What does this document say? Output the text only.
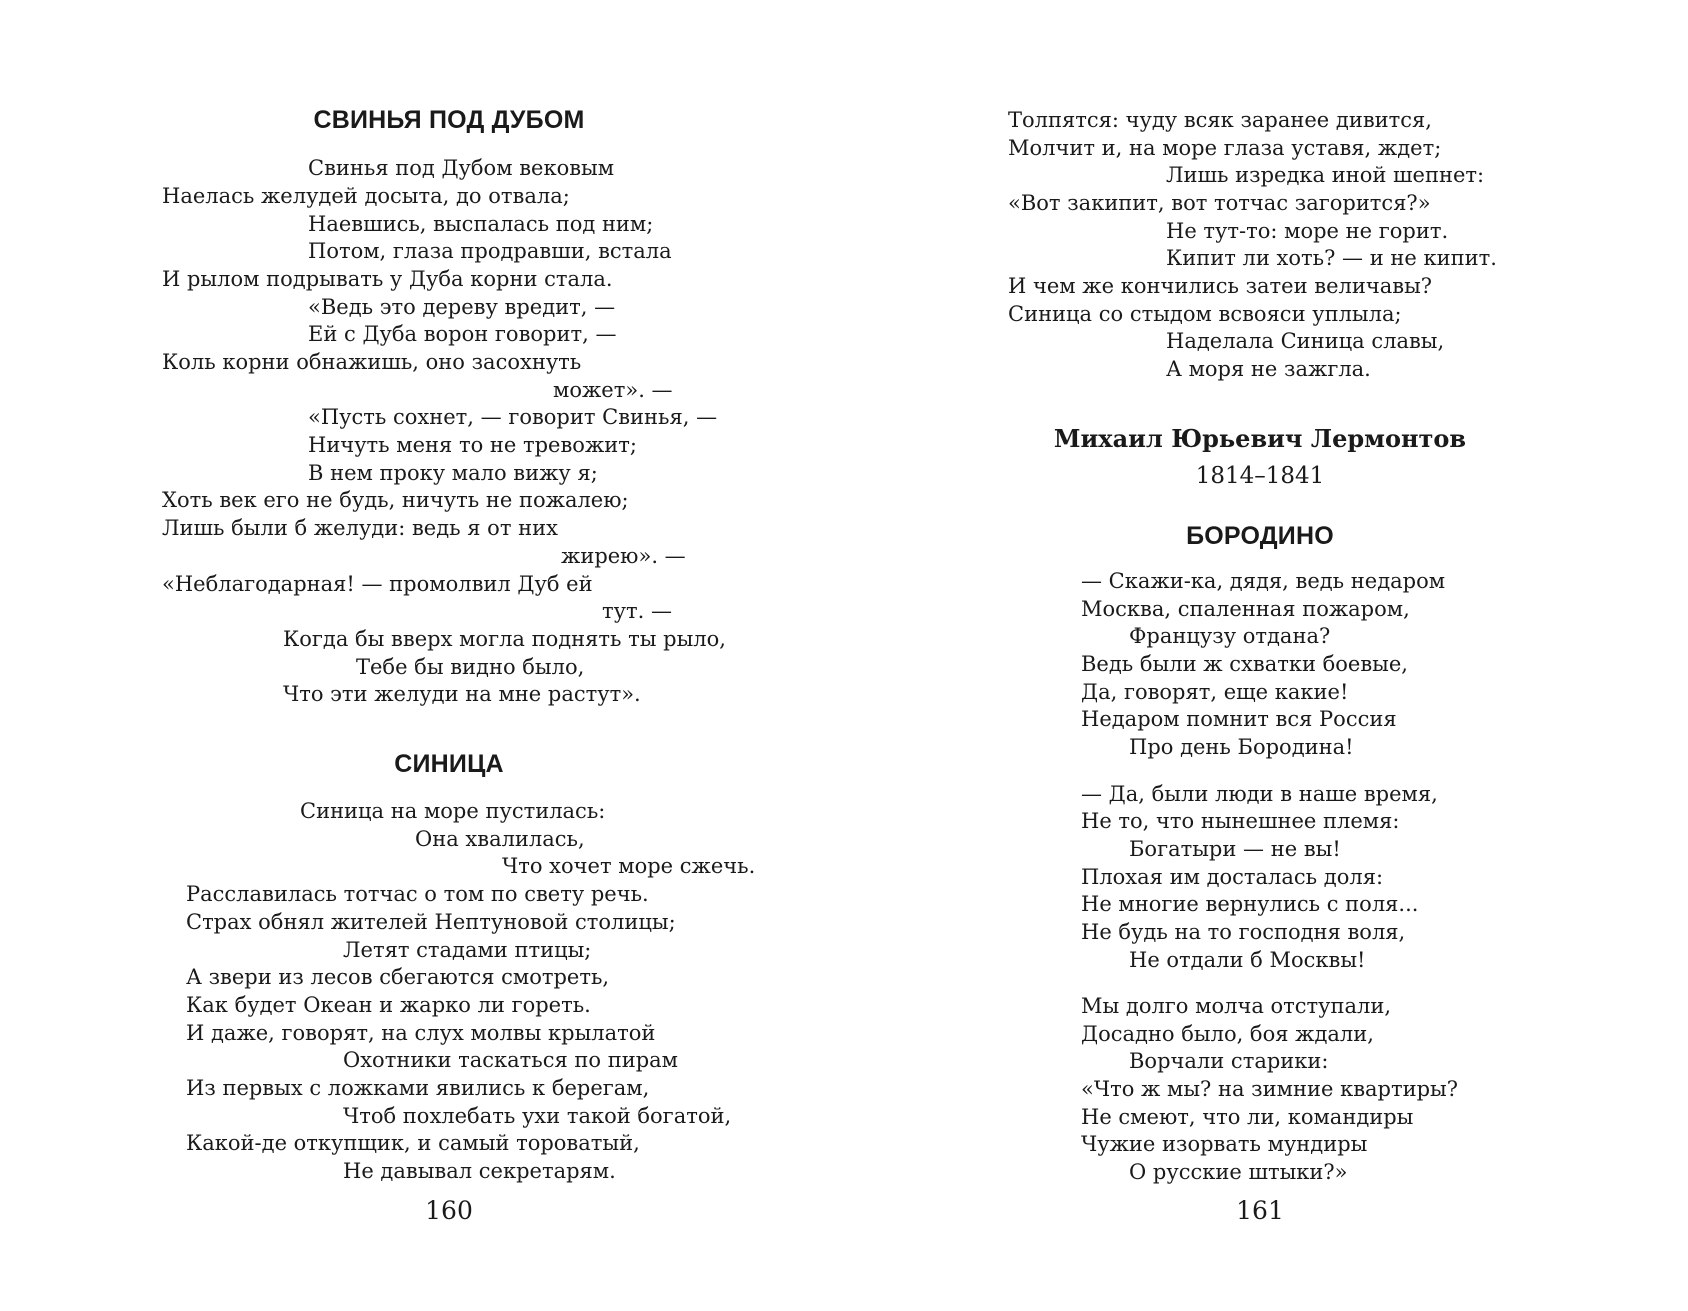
СВИНЬЯ ПОД ДУБОМ
Свинья под Дубом вековым
Наелась желудей досыта, до отвала;
Наевшись, выспалась под ним;
Потом, глаза продравши, встала
И рылом подрывать у Дуба корни стала.
«Ведь это дереву вредит, —
Ей с Дуба ворон говорит, —
Коль корни обнажишь, оно засохнуть
может». —
«Пусть сохнет, — говорит Свинья, —
Ничуть меня то не тревожит;
В нем проку мало вижу я;
Хоть век его не будь, ничуть не пожалею;
Лишь были б желуди: ведь я от них
жирею». —
«Неблагодарная! — промолвил Дуб ей
тут. —
Когда бы вверх могла поднять ты рыло,
Тебе бы видно было,
Что эти желуди на мне растут».
СИНИЦА
Синица на море пустилась:
Она хвалилась,
Что хочет море сжечь.
Расславилась тотчас о том по свету речь.
Страх обнял жителей Нептуновой столицы;
Летят стадами птицы;
А звери из лесов сбегаются смотреть,
Как будет Океан и жарко ли гореть.
И даже, говорят, на слух молвы крылатой
Охотники таскаться по пирам
Из первых с ложками явились к берегам,
Чтоб похлебать ухи такой богатой,
Какой-де откупщик, и самый тороватый,
Не давывал секретарям.
160
Толпятся: чуду всяк заранее дивится,
Молчит и, на море глаза уставя, ждет;
Лишь изредка иной шепнет:
«Вот закипит, вот тотчас загорится?»
Не тут-то: море не горит.
Кипит ли хоть? — и не кипит.
И чем же кончились затеи величавы?
Синица со стыдом всвояси уплыла;
Наделала Синица славы,
А моря не зажгла.
Михаил Юрьевич Лермонтов
1814–1841
БОРОДИНО
— Скажи-ка, дядя, ведь недаром
Москва, спаленная пожаром,
Французу отдана?
Ведь были ж схватки боевые,
Да, говорят, еще какие!
Недаром помнит вся Россия
Про день Бородина!
— Да, были люди в наше время,
Не то, что нынешнее племя:
Богатыри — не вы!
Плохая им досталась доля:
Не многие вернулись с поля...
Не будь на то господня воля,
Не отдали б Москвы!
Мы долго молча отступали,
Досадно было, боя ждали,
Ворчали старики:
«Что ж мы? на зимние квартиры?
Не смеют, что ли, командиры
Чужие изорвать мундиры
О русские штыки?»
161
